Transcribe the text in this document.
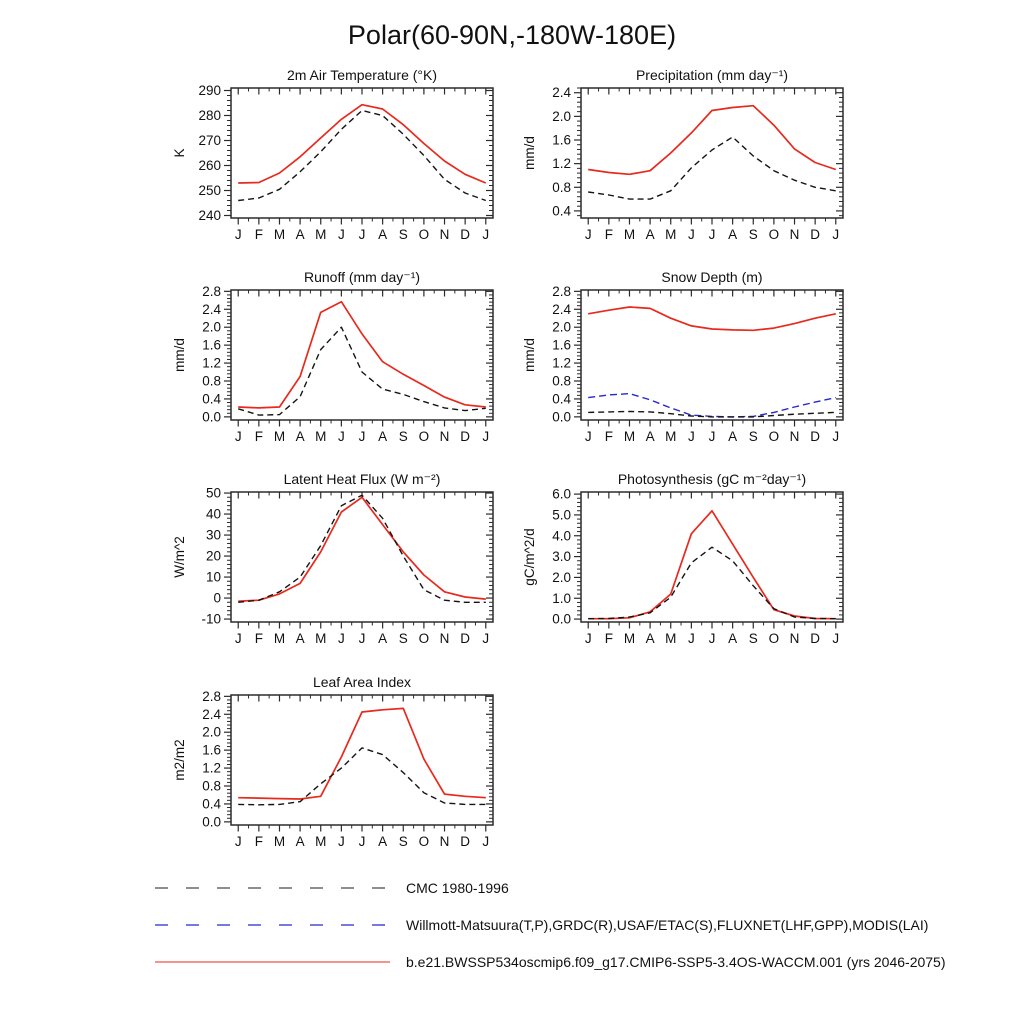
Polar(60-90N,-180W-180E)
240
250
260
270
280
290
J F M A M J J A S O N D J
2m Air Temperature (°K)
K
0.4
0.8
1.2
1.6
2.0
2.4
J F M A M J J A S O N D J
Precipitation (mm day⁻¹)
mm/d
0.0
0.4
0.8
1.2
1.6
2.0
2.4
2.8
J F M A M J J A S O N D J
Runoff (mm day⁻¹)
mm/d
0.0
0.4
0.8
1.2
1.6
2.0
2.4
2.8
J F M A M J J A S O N D J
Snow Depth (m)
mm/d
-10
0
10
20
30
40
50
J F M A M J J A S O N D J
Latent Heat Flux (W m⁻²)
W/m^2
0.0
1.0
2.0
3.0
4.0
5.0
6.0
J F M A M J J A S O N D J
Photosynthesis (gC m⁻²day⁻¹)
gC/m^2/d
0.0
0.4
0.8
1.2
1.6
2.0
2.4
2.8
J F M A M J J A S O N D J
Leaf Area Index
m2/m2
CMC 1980-1996
Willmott-Matsuura(T,P),GRDC(R),USAF/ETAC(S),FLUXNET(LHF,GPP),MODIS(LAI)
b.e21.BWSSP534oscmip6.f09_g17.CMIP6-SSP5-3.4OS-WACCM.001 (yrs 2046-2075)
